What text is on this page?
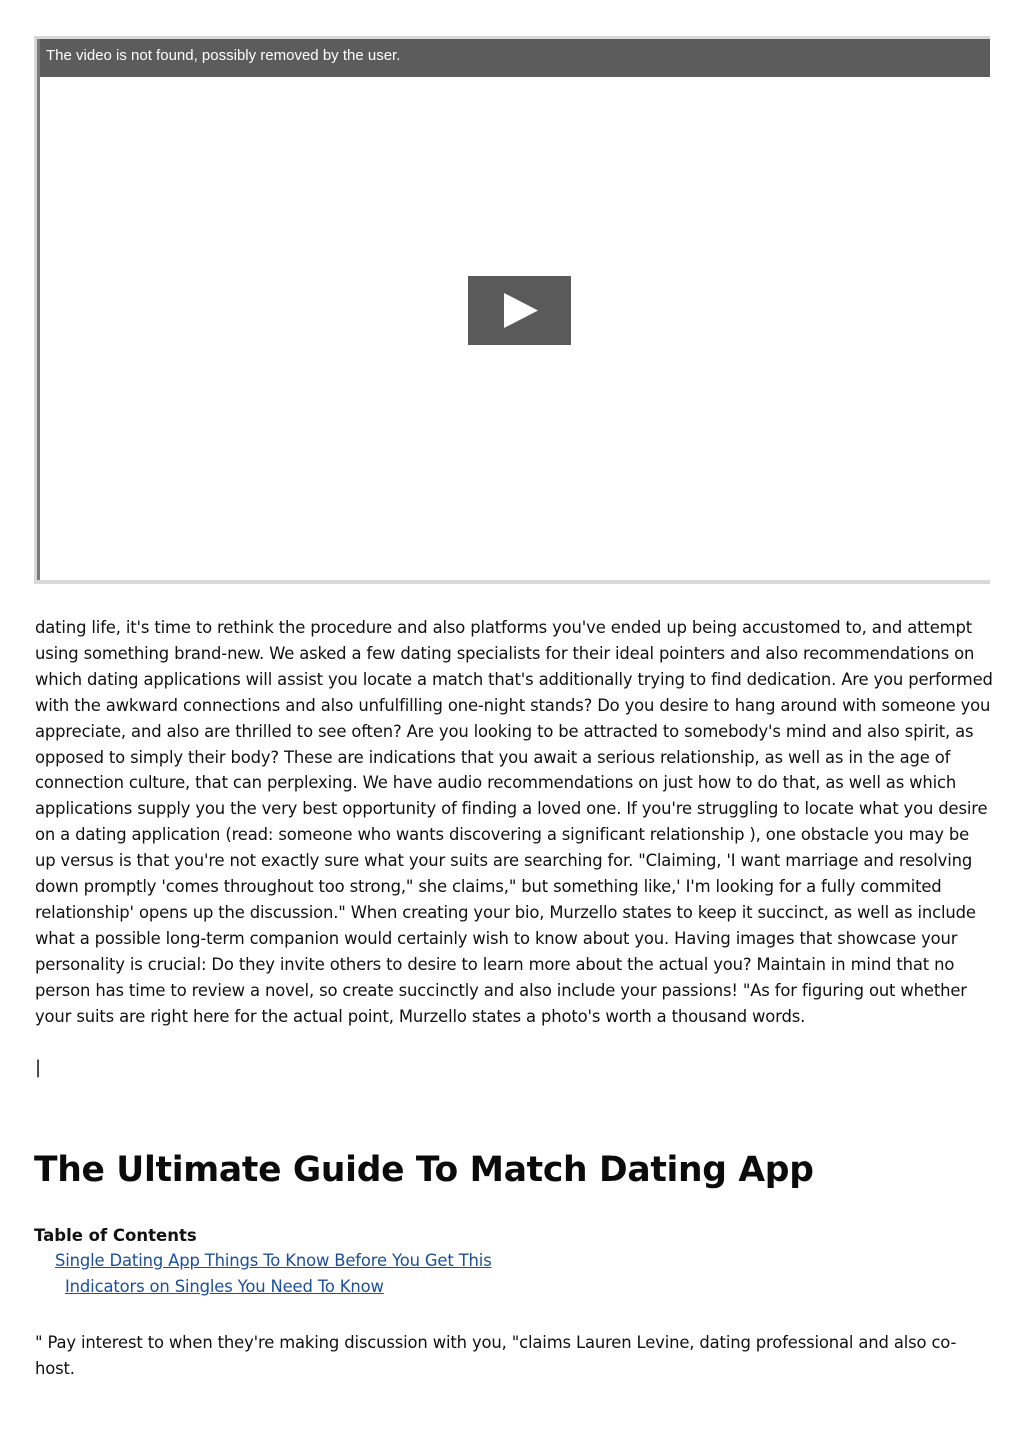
The video is not found, possibly removed by the user.

dating life, it's time to rethink the procedure and also platforms you've ended up being accustomed to, and attempt using something brand-new. We asked a few dating specialists for their ideal pointers and also recommendations on which dating applications will assist you locate a match that's additionally trying to find dedication. Are you performed with the awkward connections and also unfulfilling one-night stands? Do you desire to hang around with someone you appreciate, and also are thrilled to see often? Are you looking to be attracted to somebody's mind and also spirit, as opposed to simply their body? These are indications that you await a serious relationship, as well as in the age of connection culture, that can perplexing. We have audio recommendations on just how to do that, as well as which applications supply you the very best opportunity of finding a loved one. If you're struggling to locate what you desire on a dating application (read: someone who wants discovering a significant relationship ), one obstacle you may be up versus is that you're not exactly sure what your suits are searching for. "Claiming, 'I want marriage and resolving down promptly 'comes throughout too strong," she claims," but something like,' I'm looking for a fully commited relationship' opens up the discussion." When creating your bio, Murzello states to keep it succinct, as well as include what a possible long-term companion would certainly wish to know about you. Having images that showcase your personality is crucial: Do they invite others to desire to learn more about the actual you? Maintain in mind that no person has time to review a novel, so create succinctly and also include your passions! "As for figuring out whether your suits are right here for the actual point, Murzello states a photo's worth a thousand words.

|
The Ultimate Guide To Match Dating App
Table of Contents
Single Dating App Things To Know Before You Get This
Indicators on Singles You Need To Know

" Pay interest to when they're making discussion with you, "claims Lauren Levine, dating professional and also co-host.
